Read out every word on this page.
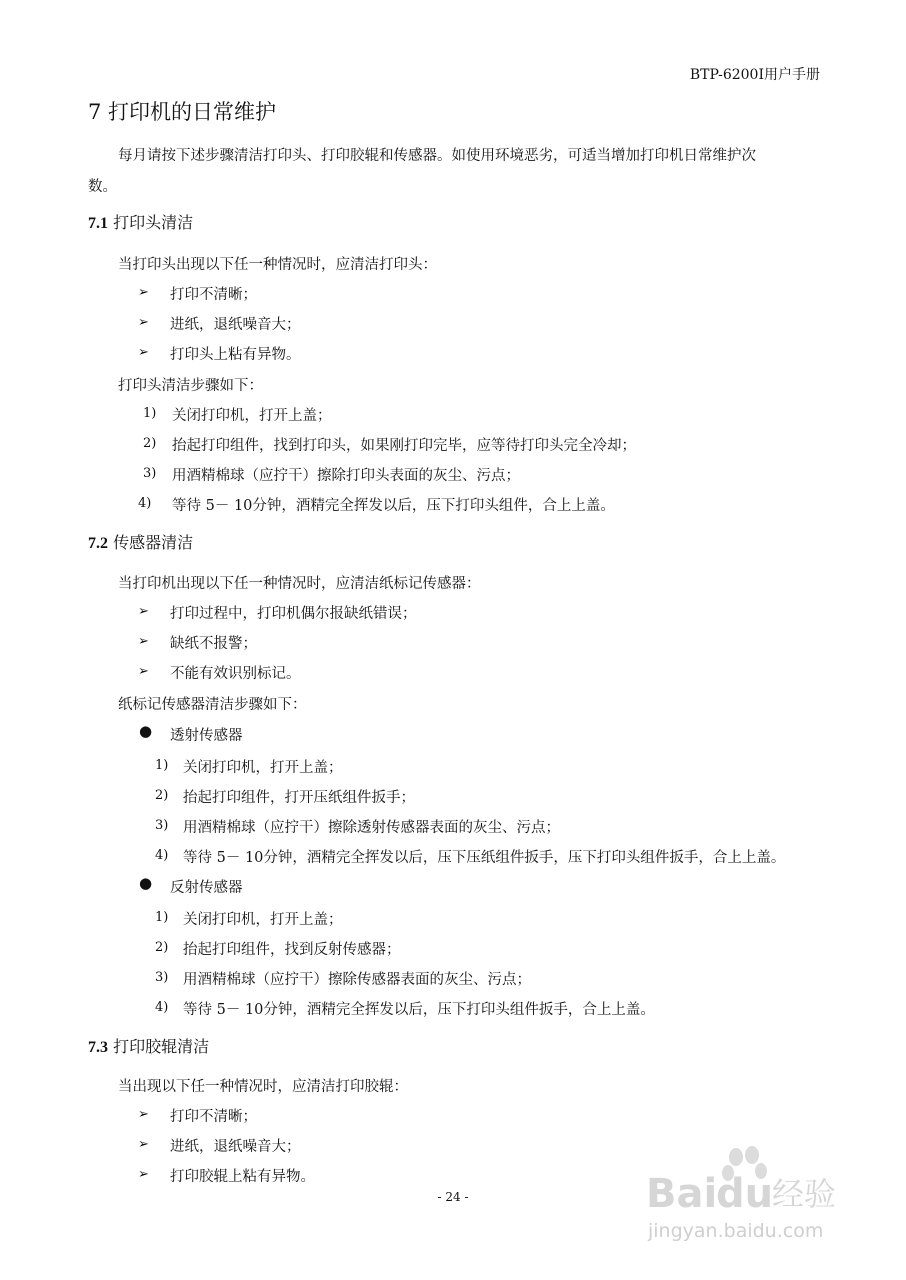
BTP-6200I用户手册
7 打印机的日常维护
每月请按下述步骤清洁打印头、打印胶辊和传感器。如使用环境恶劣，可适当增加打印机日常维护次
数。
7.1 打印头清洁
当打印头出现以下任一种情况时，应清洁打印头：
➢ 打印不清晰；
➢ 进纸，退纸噪音大；
➢ 打印头上粘有异物。
打印头清洁步骤如下：
1) 关闭打印机，打开上盖；
2) 抬起打印组件，找到打印头，如果刚打印完毕，应等待打印头完全冷却；
3) 用酒精棉球（应拧干）擦除打印头表面的灰尘、污点；
4) 等待 5－ 10分钟，酒精完全挥发以后，压下打印头组件，合上上盖。
7.2 传感器清洁
当打印机出现以下任一种情况时，应清洁纸标记传感器：
➢ 打印过程中，打印机偶尔报缺纸错误；
➢ 缺纸不报警；
➢ 不能有效识别标记。
纸标记传感器清洁步骤如下：
● 透射传感器
1) 关闭打印机，打开上盖；
2) 抬起打印组件，打开压纸组件扳手；
3) 用酒精棉球（应拧干）擦除透射传感器表面的灰尘、污点；
4) 等待 5－ 10分钟，酒精完全挥发以后，压下压纸组件扳手，压下打印头组件扳手，合上上盖。
● 反射传感器
1) 关闭打印机，打开上盖；
2) 抬起打印组件，找到反射传感器；
3) 用酒精棉球（应拧干）擦除传感器表面的灰尘、污点；
4) 等待 5－ 10分钟，酒精完全挥发以后，压下打印头组件扳手，合上上盖。
7.3 打印胶辊清洁
当出现以下任一种情况时，应清洁打印胶辊：
➢ 打印不清晰；
➢ 进纸，退纸噪音大；
➢ 打印胶辊上粘有异物。
- 24 -	Bai
du
经验
jingyan.baidu.com
